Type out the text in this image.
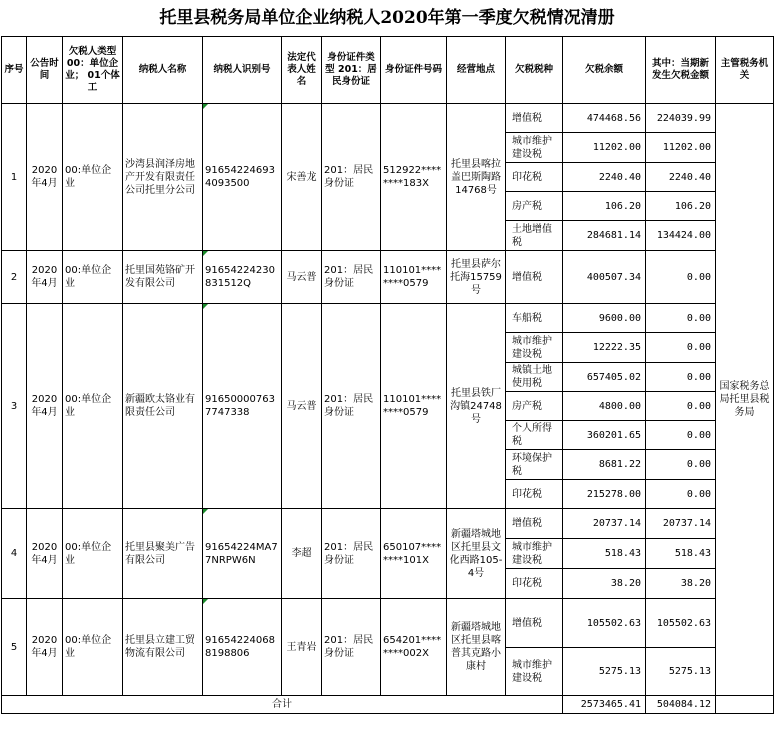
托里县税务局单位企业纳税人2020年第一季度欠税情况清册
序号	公告时间	欠税人类型 00：单位企业； 01个体工	纳税人名称	纳税人识别号	法定代表人姓名	身份证件类型 201：居民身份证	身份证件号码	经营地点	欠税税种	欠税余额	其中：当期新发生欠税金额	主管税务机关
1	2020年4月	00:单位企业	沙湾县润泽房地产开发有限责任公司托里分公司	916542246934093500	宋善龙	201：居民身份证	512922********183X	托里县喀拉盖巴斯陶路14768号	增值税	474468.56	224039.99	国家税务总局托里县税务局
									城市维护建设税	11202.00	11202.00	
									印花税	2240.40	2240.40	
									房产税	106.20	106.20	
									土地增值税	284681.14	134424.00	
2	2020年4月	00:单位企业	托里国苑铬矿开发有限公司	91654224230831512Q	马云普	201：居民身份证	110101********0579	托里县萨尔托海15759号	增值税	400507.34	0.00	
3	2020年4月	00:单位企业	新疆欧太铬业有限责任公司	916500007637747338	马云普	201：居民身份证	110101********0579	托里县铁厂沟镇24748号	车船税	9600.00	0.00	
									城市维护建设税	12222.35	0.00	
									城镇土地使用税	657405.02	0.00	
									房产税	4800.00	0.00	
									个人所得税	360201.65	0.00	
									环境保护税	8681.22	0.00	
									印花税	215278.00	0.00	
4	2020年4月	00:单位企业	托里县聚美广告有限公司	91654224MA77NRPW6N	李超	201：居民身份证	650107********101X	新疆塔城地区托里县文化西路105-4号	增值税	20737.14	20737.14	
									城市维护建设税	518.43	518.43	
									印花税	38.20	38.20	
5	2020年4月	00:单位企业	托里县立建工贸物流有限公司	916542240688198806	王青岩	201：居民身份证	654201********002X	新疆塔城地区托里县喀普其克路小康村	增值税	105502.63	105502.63	
									城市维护建设税	5275.13	5275.13	
合计										2573465.41	504084.12	
